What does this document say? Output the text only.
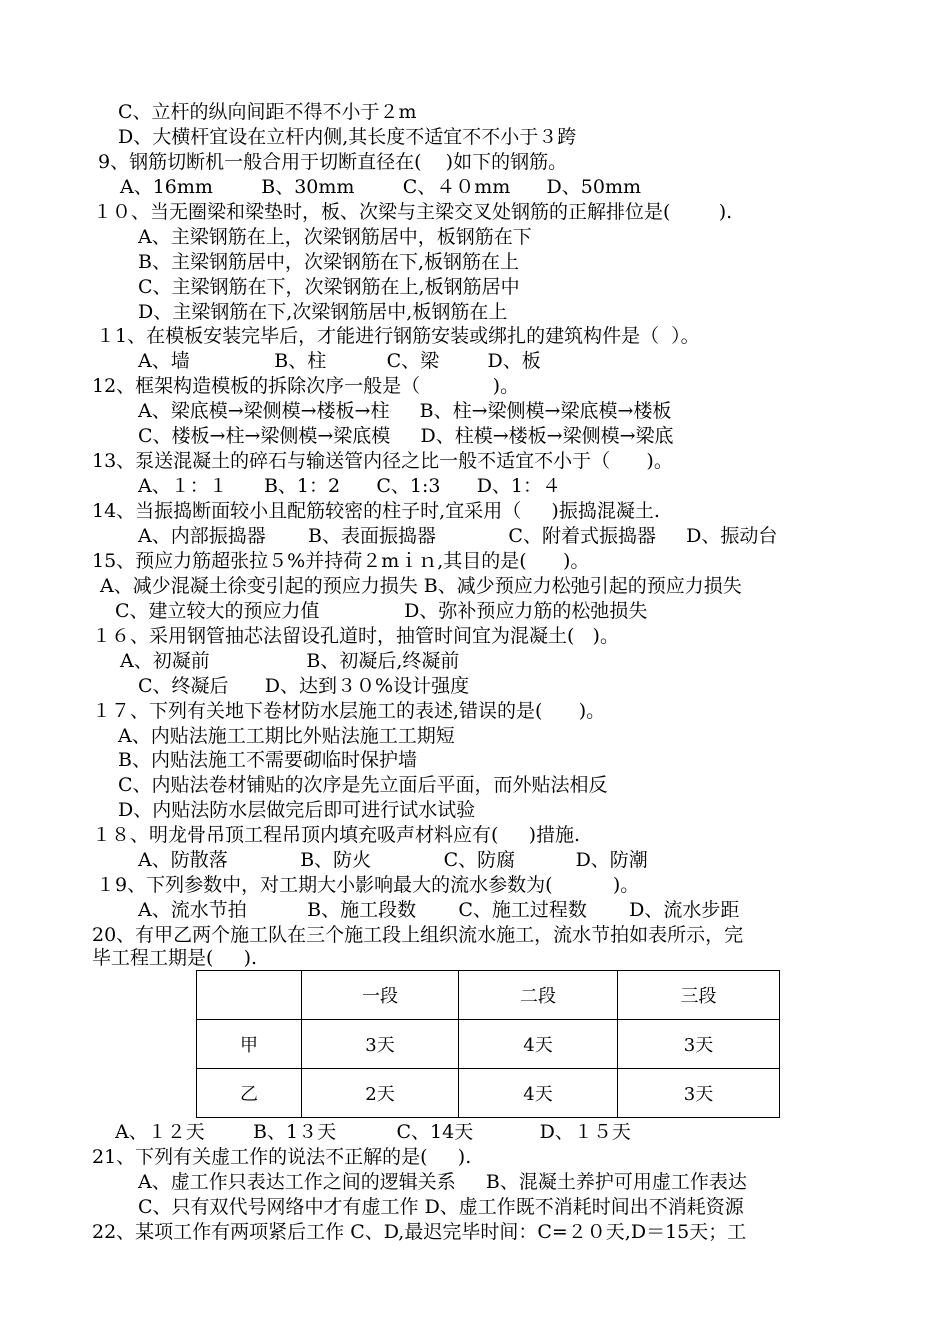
C、立杆的纵向间距不得不小于２m
D、大横杆宜设在立杆内侧,其长度不适宜不不小于３跨
9、钢筋切断机一般合用于切断直径在(    )如下的钢筋。
A、16mm        B、30mm        C、４０mm      D、50mm
１０、当无圈梁和梁垫时，板、次梁与主梁交叉处钢筋的正解排位是(        ).
A、主梁钢筋在上，次梁钢筋居中，板钢筋在下
B、主梁钢筋居中，次梁钢筋在下,板钢筋在上
C、主梁钢筋在下，次梁钢筋在上,板钢筋居中
D、主梁钢筋在下,次梁钢筋居中,板钢筋在上
１1、在模板安装完毕后，才能进行钢筋安装或绑扎的建筑构件是（  ）。
A、墙              B、柱          C、梁        D、板
12、框架构造模板的拆除次序一般是（            )。
A、梁底模→梁侧模→楼板→柱     B、柱→梁侧模→梁底模→楼板
C、楼板→柱→梁侧模→梁底模     D、柱模→楼板→梁侧模→梁底
13、泵送混凝土的碎石与输送管内径之比一般不适宜不小于（      )。
A、１：１      B、1：2      C、1:3      D、1：４
14、当振捣断面较小且配筋较密的柱子时,宜采用（     )振捣混凝土.
A、内部振捣器       B、表面振捣器            C、附着式振捣器     D、振动台
15、预应力筋超张拉５%并持荷２mｉｎ,其目的是(      )。
A、减少混凝土徐变引起的预应力损失 B、减少预应力松弛引起的预应力损失
C、建立较大的预应力值              D、弥补预应力筋的松弛损失
１６、采用钢管抽芯法留设孔道时，抽管时间宜为混凝土(   )。
A、初凝前                B、初凝后,终凝前
C、终凝后      D、达到３０%设计强度
１７、下列有关地下卷材防水层施工的表述,错误的是(      )。
A、内贴法施工工期比外贴法施工工期短
B、内贴法施工不需要砌临时保护墙
C、内贴法卷材铺贴的次序是先立面后平面，而外贴法相反
D、内贴法防水层做完后即可进行试水试验
１８、明龙骨吊顶工程吊顶内填充吸声材料应有(     )措施.
A、防散落            B、防火            C、防腐          D、防潮
１9、下列参数中，对工期大小影响最大的流水参数为(          )。
A、流水节拍          B、施工段数       C、施工过程数       D、流水步距
20、有甲乙两个施工队在三个施工段上组织流水施工，流水节拍如表所示，完
毕工程工期是(     ).
	一段	二段	三段
甲	3天	4天	3天
乙	2天	4天	3天
A、１２天        B、1３天          C、14天           D、１５天
21、下列有关虚工作的说法不正解的是(     ).
A、虚工作只表达工作之间的逻辑关系     B、混凝土养护可用虚工作表达
C、只有双代号网络中才有虚工作 D、虚工作既不消耗时间出不消耗资源
22、某项工作有两项紧后工作 C、D,最迟完毕时间：C=２０天,D＝15天；工
